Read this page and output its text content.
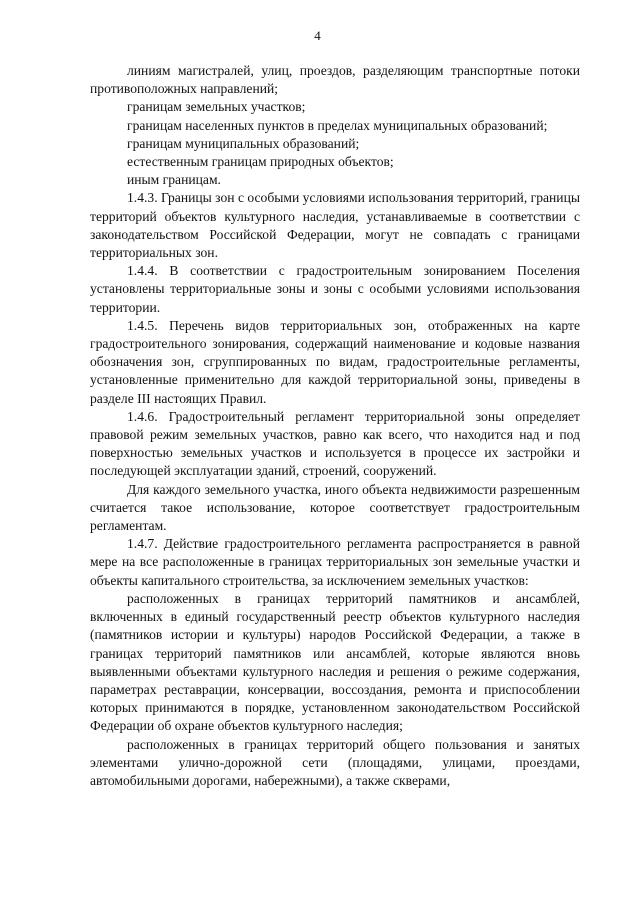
4

линиям магистралей, улиц, проездов, разделяющим транспортные потоки противоположных направлений;

границам земельных участков;

границам населенных пунктов в пределах муниципальных образований;

границам муниципальных образований;

естественным границам природных объектов;

иным границам.

1.4.3. Границы зон с особыми условиями использования территорий, границы территорий объектов культурного наследия, устанавливаемые в соответствии с законодательством Российской Федерации, могут не совпадать с границами территориальных зон.

1.4.4. В соответствии с градостроительным зонированием Поселения установлены территориальные зоны и зоны с особыми условиями использования территории.

1.4.5. Перечень видов территориальных зон, отображенных на карте градостроительного зонирования, содержащий наименование и кодовые названия обозначения зон, сгруппированных по видам, градостроительные регламенты, установленные применительно для каждой территориальной зоны, приведены в разделе III настоящих Правил.

1.4.6. Градостроительный регламент территориальной зоны определяет правовой режим земельных участков, равно как всего, что находится над и под поверхностью земельных участков и используется в процессе их застройки и последующей эксплуатации зданий, строений, сооружений.

Для каждого земельного участка, иного объекта недвижимости разрешенным считается такое использование, которое соответствует градостроительным регламентам.

1.4.7. Действие градостроительного регламента распространяется в равной мере на все расположенные в границах территориальных зон земельные участки и объекты капитального строительства, за исключением земельных участков:

расположенных в границах территорий памятников и ансамблей, включенных в единый государственный реестр объектов культурного наследия (памятников истории и культуры) народов Российской Федерации, а также в границах территорий памятников или ансамблей, которые являются вновь выявленными объектами культурного наследия и решения о режиме содержания, параметрах реставрации, консервации, воссоздания, ремонта и приспособлении которых принимаются в порядке, установленном законодательством Российской Федерации об охране объектов культурного наследия;

расположенных в границах территорий общего пользования и занятых элементами улично-дорожной сети (площадями, улицами, проездами, автомобильными дорогами, набережными), а также скверами,
